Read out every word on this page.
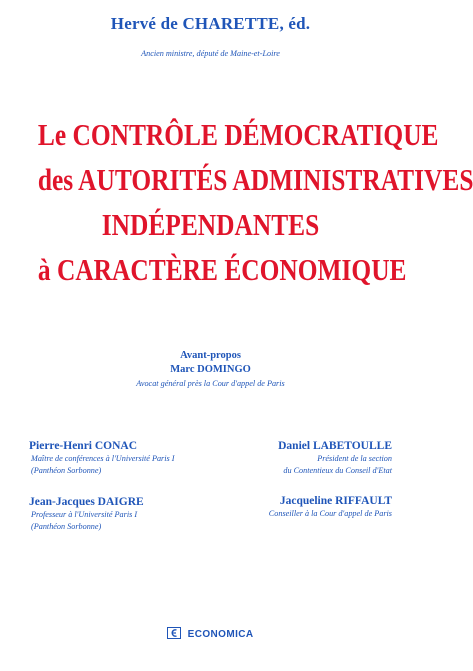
Hervé de CHARETTE, éd.
Ancien ministre, député de Maine-et-Loire
Le CONTRÔLE DÉMOCRATIQUE
des AUTORITÉS ADMINISTRATIVES
INDÉPENDANTES
à CARACTÈRE ÉCONOMIQUE
Avant-propos
Marc DOMINGO
Avocat général près la Cour d'appel de Paris
Pierre-Henri CONAC
Maître de conférences à l'Université Paris I
(Panthéon Sorbonne)
Daniel LABETOULLE
Président de la section
du Contentieux du Conseil d'Etat
Jean-Jacques DAIGRE
Professeur à l'Université Paris I
(Panthéon Sorbonne)
Jacqueline RIFFAULT
Conseiller à la Cour d'appel de Paris
ECONOMICA
